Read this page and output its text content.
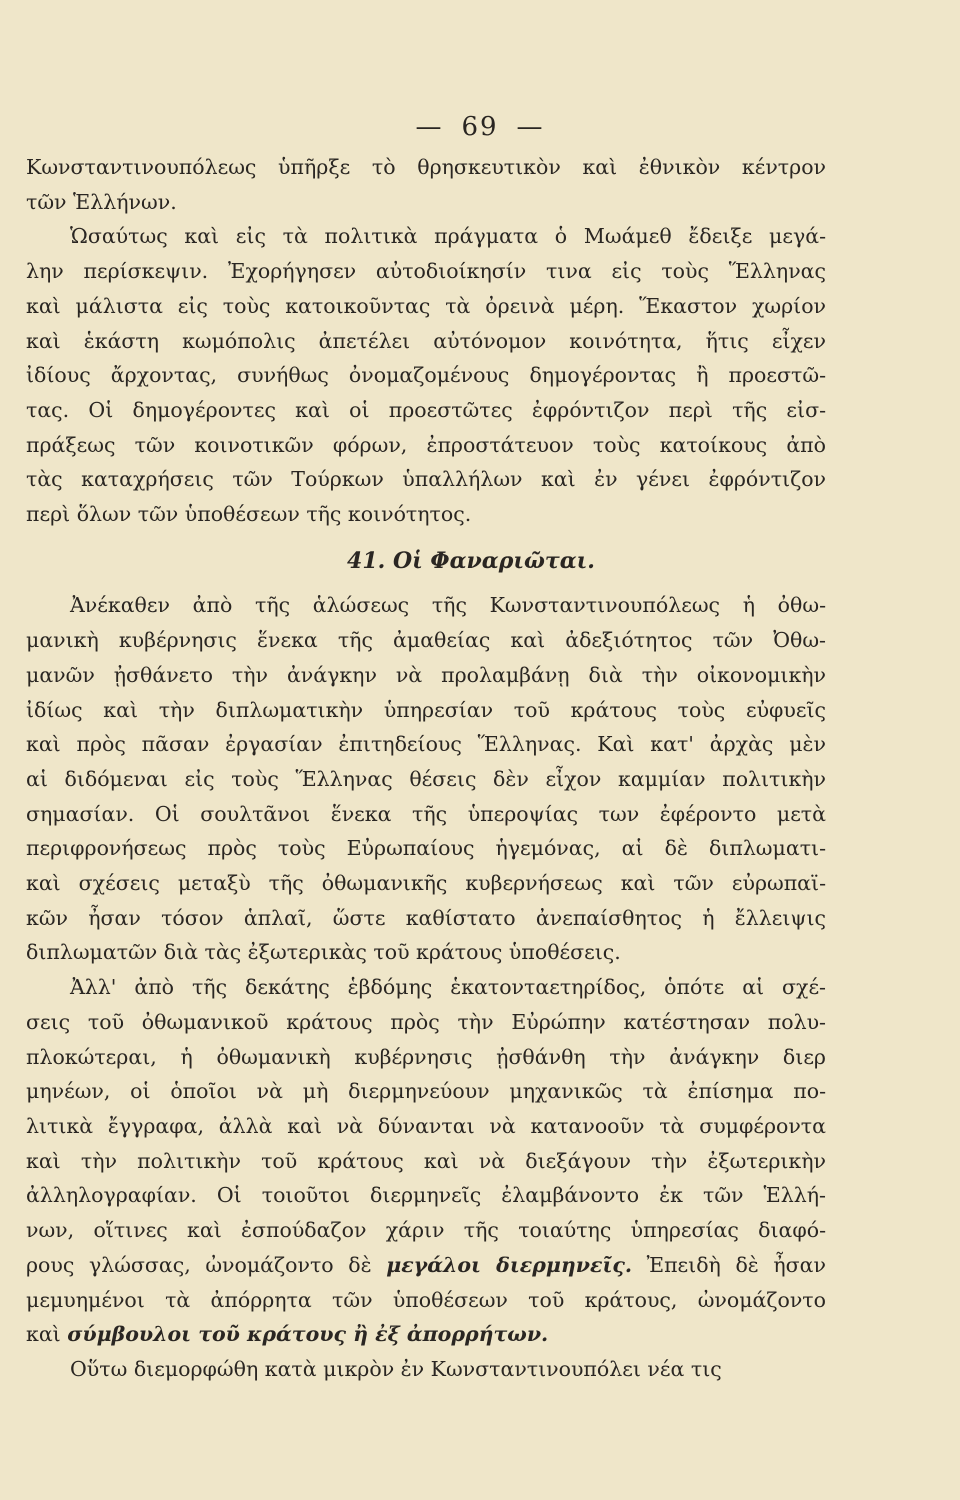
— 69 —
Κωνσταντινουπόλεως ὑπῆρξε τὸ θρησκευτικὸν καὶ ἐθνικὸν κέντρον
τῶν Ἑλλήνων.
Ὡσαύτως καὶ εἰς τὰ πολιτικὰ πράγματα ὁ Μωάμεθ ἔδειξε μεγά-
λην περίσκεψιν. Ἐχορήγησεν αὐτοδιοίκησίν τινα εἰς τοὺς Ἕλληνας
καὶ μάλιστα εἰς τοὺς κατοικοῦντας τὰ ὀρεινὰ μέρη. Ἕκαστον χωρίον
καὶ ἑκάστη κωμόπολις ἀπετέλει αὐτόνομον κοινότητα, ἥτις εἶχεν
ἰδίους ἄρχοντας, συνήθως ὀνομαζομένους δημογέροντας ἢ προεστῶ-
τας. Οἱ δημογέροντες καὶ οἱ προεστῶτες ἐφρόντιζον περὶ τῆς εἰσ-
πράξεως τῶν κοινοτικῶν φόρων, ἐπροστάτευον τοὺς κατοίκους ἀπὸ
τὰς καταχρήσεις τῶν Τούρκων ὑπαλλήλων καὶ ἐν γένει ἐφρόντιζον
περὶ ὅλων τῶν ὑποθέσεων τῆς κοινότητος.
41. Οἱ Φαναριῶται.
Ἀνέκαθεν ἀπὸ τῆς ἁλώσεως τῆς Κωνσταντινουπόλεως ἡ ὀθω-
μανικὴ κυβέρνησις ἕνεκα τῆς ἀμαθείας καὶ ἀδεξιότητος τῶν Ὀθω-
μανῶν ᾐσθάνετο τὴν ἀνάγκην νὰ προλαμβάνῃ διὰ τὴν οἰκονομικὴν
ἰδίως καὶ τὴν διπλωματικὴν ὑπηρεσίαν τοῦ κράτους τοὺς εὐφυεῖς
καὶ πρὸς πᾶσαν ἐργασίαν ἐπιτηδείους Ἕλληνας. Καὶ κατ' ἀρχὰς μὲν
αἱ διδόμεναι εἰς τοὺς Ἕλληνας θέσεις δὲν εἶχον καμμίαν πολιτικὴν
σημασίαν. Οἱ σουλτᾶνοι ἕνεκα τῆς ὑπεροψίας των ἐφέροντο μετὰ
περιφρονήσεως πρὸς τοὺς Εὐρωπαίους ἡγεμόνας, αἱ δὲ διπλωματι-
καὶ σχέσεις μεταξὺ τῆς ὀθωμανικῆς κυβερνήσεως καὶ τῶν εὐρωπαϊ-
κῶν ἦσαν τόσον ἁπλαῖ, ὥστε καθίστατο ἀνεπαίσθητος ἡ ἔλλειψις
διπλωματῶν διὰ τὰς ἐξωτερικὰς τοῦ κράτους ὑποθέσεις.
Ἀλλ' ἀπὸ τῆς δεκάτης ἑβδόμης ἑκατονταετηρίδος, ὁπότε αἱ σχέ-
σεις τοῦ ὀθωμανικοῦ κράτους πρὸς τὴν Εὐρώπην κατέστησαν πολυ-
πλοκώτεραι, ἡ ὀθωμανικὴ κυβέρνησις ᾐσθάνθη τὴν ἀνάγκην διερ
μηνέων, οἱ ὁποῖοι νὰ μὴ διερμηνεύουν μηχανικῶς τὰ ἐπίσημα πο-
λιτικὰ ἔγγραφα, ἀλλὰ καὶ νὰ δύνανται νὰ κατανοοῦν τὰ συμφέροντα
καὶ τὴν πολιτικὴν τοῦ κράτους καὶ νὰ διεξάγουν τὴν ἐξωτερικὴν
ἀλληλογραφίαν. Οἱ τοιοῦτοι διερμηνεῖς ἐλαμβάνοντο ἐκ τῶν Ἑλλή-
νων, οἵτινες καὶ ἐσπούδαζον χάριν τῆς τοιαύτης ὑπηρεσίας διαφό-
ρους γλώσσας, ὠνομάζοντο δὲ μεγάλοι διερμηνεῖς. Ἐπειδὴ δὲ ἦσαν
μεμυημένοι τὰ ἀπόρρητα τῶν ὑποθέσεων τοῦ κράτους, ὠνομάζοντο
καὶ σύμβουλοι τοῦ κράτους ἢ ἐξ ἀπορρήτων.
Οὕτω διεμορφώθη κατὰ μικρὸν ἐν Κωνσταντινουπόλει νέα τις
